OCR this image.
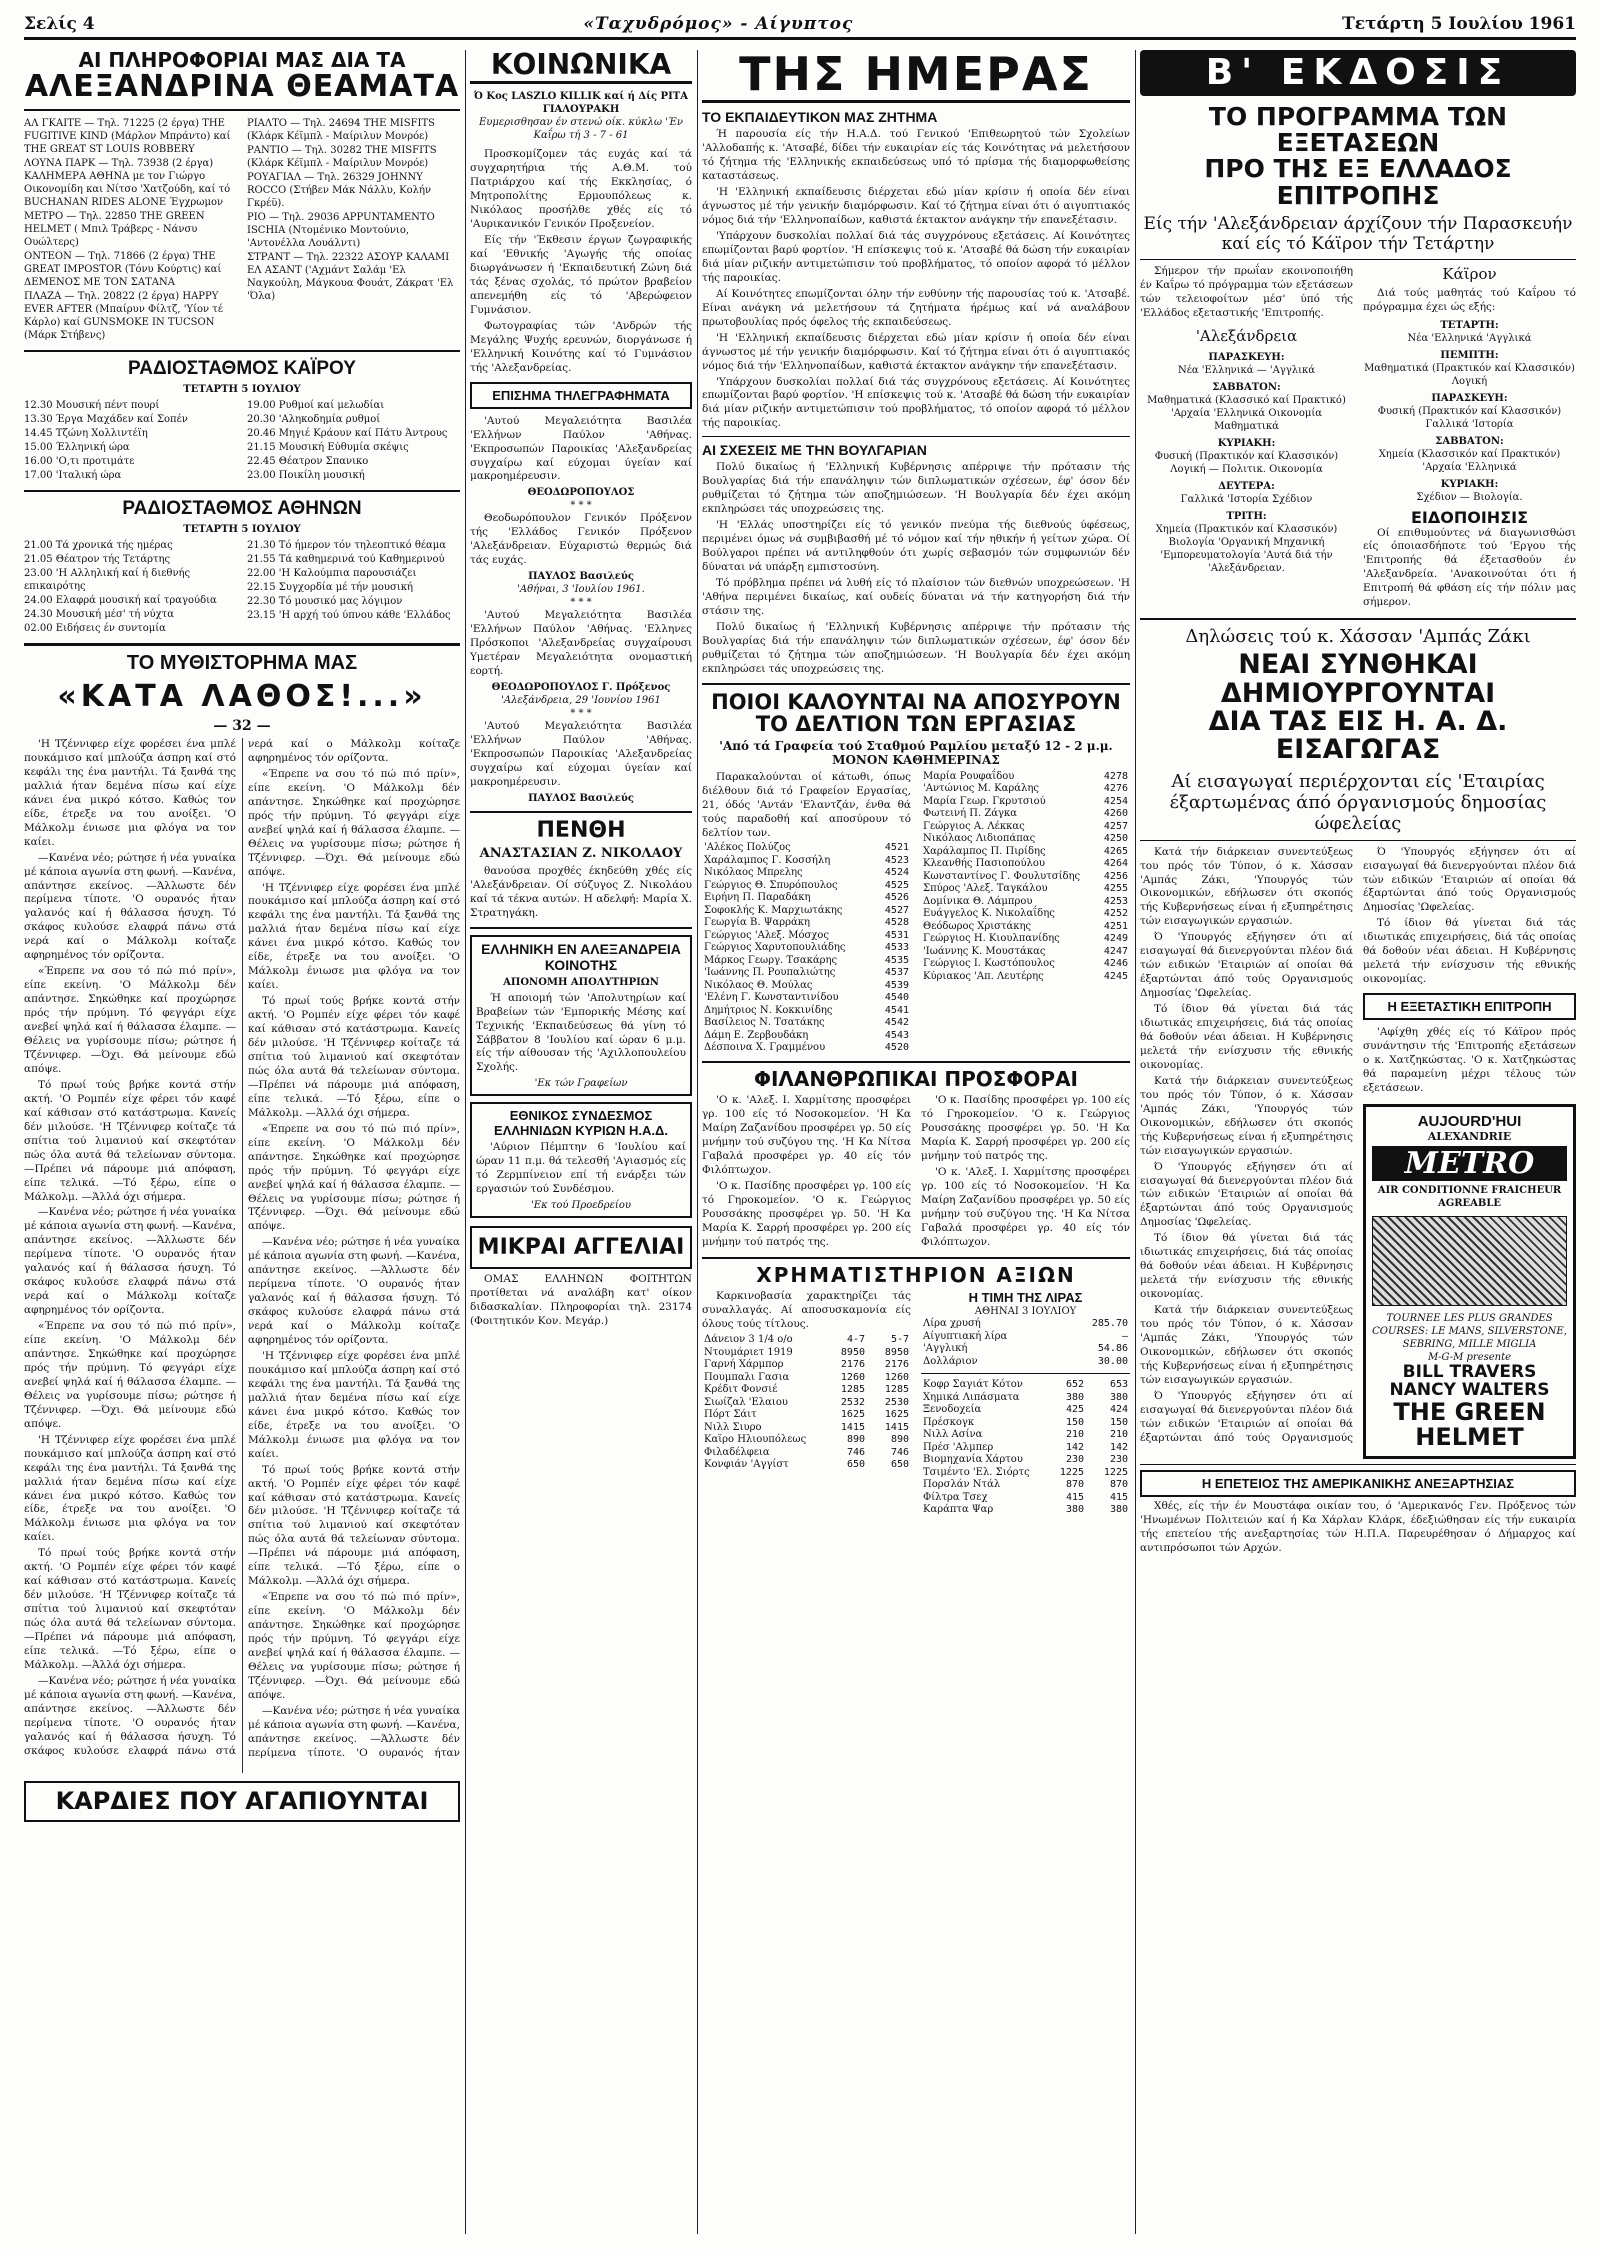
Σελίς 4	«Ταχυδρόμος» - Αίγυπτος	Τετάρτη 5 Ιουλίου 1961
ΑΙ ΠΛΗΡΟΦΟΡΙΑΙ ΜΑΣ ΔΙΑ ΤΑ
ΑΛΕΞΑΝΔΡΙΝΑ ΘΕΑΜΑΤΑ
ΑΛ ΓΚΑΙΤΕ — Τηλ. 71225 (2 έργα) THE FUGITIVE KIND (Μάρλον Μπράντο) καί THE GREAT ST LOUIS ROBBERY
ΛΟΥΝΑ ΠΑΡΚ — Τηλ. 73938 (2 έργα) ΚΑΛΗΜΕΡΑ ΑΘΗΝΑ με τον Γιώργο Οικονομίδη και Νίτσο 'Χατζούδη, καί τό BUCHANAN RIDES ALONE Έγχρωμον
ΜΕΤΡΟ — Τηλ. 22850 THE GREEN HELMET ( Μπιλ Τράβερς - Νάνσυ Ουώλτερς)
ΟΝΤΕΟΝ — Τηλ. 71866 (2 έργα) THE GREAT IMPOSTOR (Τόνυ Κούρτις) καί ΔΕΜΕΝΟΣ ΜΕ ΤΟΝ ΣΑΤΑΝΑ
ΠΛΑΖΑ — Τηλ. 20822 (2 έργα) HAPPY EVER AFTER (Μπαίρυν Φίλτζ, 'Υίον τέ Κάρλο) καί GUNSMOKE IN TUCSON (Μάρκ Στήβενς)
ΡΙΑΛΤΟ — Τηλ. 24694 THE MISFITS (Κλάρκ Κέϊμπλ - Μαίριλυν Μονρόε)
ΡΑΝΤΙΟ — Τηλ. 30282 THE MISFITS (Κλάρκ Κέϊμπλ - Μαίριλυν Μονρόε)
ΡΟΥΑΓΙΑΛ — Τηλ. 26329 JOHNNY ROCCO (Στήβεν Μάκ Νάλλυ, Κολήν Γκρέϋ).
ΡΙΟ — Τηλ. 29036 APPUNTAMENTO ISCHIA (Ντομένικο Μοντούνιο, 'Αντονέλλα Λουάλντι)
ΣΤΡΑΝΤ — Τηλ. 22322 ΑΣΟΥΡ ΚΑΛΑΜΙ ΕΛ ΑΣΑΝΤ ('Αχμάντ Σαλάμ 'Ελ Ναγκούλη, Μάγκουα Φουάτ, Ζάκρατ 'Ελ 'Όλα)
ΡΑΔΙΟΣΤΑΘΜΟΣ ΚΑΪΡΟΥ
ΤΕΤΑΡΤΗ 5 ΙΟΥΛΙΟΥ
12.30 Μουσική πέντ πουρί
13.30 Έργα Μαχάδεν καί Σοπέν
14.45 Τζώνη Χολλιντέϊη
15.00 Έλληνική ώρα
16.00 'Ο,τι προτιμάτε
17.00 'Ιταλική ώρα
19.00 Ρυθμοί καί μελωδίαι
20.30 'Αληκοδημία ρυθμοί
20.46 Μηγιέ Κράουν καί Πάτυ Άντρους
21.15 Μουσική Εύθυμία σκέψις
22.45 Θέατρον Σπανικο
23.00 Ποικίλη μουσική
ΡΑΔΙΟΣΤΑΘΜΟΣ ΑΘΗΝΩΝ
ΤΕΤΑΡΤΗ 5 ΙΟΥΛΙΟΥ
21.00 Τά χρονικά τής ημέρας
21.05 Θέατρον τής Τετάρτης
23.00 'Η Αλληλική καί ή διεθνής επικαιρότης
24.00 Ελαφρά μουσική καί τραγούδια
24.30 Μουσική μέσ' τή νύχτα
02.00 Ειδήσεις έν συντομία
21.30 Τό ήμερον τόν τηλεοπτικό θέαμα
21.55 Τά καθημερινά τού Καθημερινού
22.00 'Η Καλούμπια παρουσιάζει
22.15 Συγχορδία μέ τήν μουσική
22.30 Τό μουσικό μας λόγιμον
23.15 'Η αρχή τού ύπνου κάθε 'Ελλάδος
ΤΟ ΜΥΘΙΣΤΟΡΗΜΑ ΜΑΣ
«ΚΑΤΑ ΛΑΘΟΣ!...»
— 32 —

'Η Τζέννιφερ είχε φορέσει ένα μπλέ πουκάμισο καί μπλούζα άσπρη καί στό κεφάλι της ένα μαντήλι. Τά ξανθά της μαλλιά ήταν δεμένα πίσω καί είχε κάνει ένα μικρό κότσο. Καθώς τον είδε, έτρεξε να του ανοίξει. 'Ο Μάλκολμ ένιωσε μια φλόγα να τον καίει.

—Κανένα νέο; ρώτησε ή νέα γυναίκα μέ κάποια αγωνία στη φωνή. —Κανένα, απάντησε εκείνος. —Άλλωστε δέν περίμενα τίποτε. 'Ο ουρανός ήταν γαλανός καί ή θάλασσα ήσυχη. Τό σκάφος κυλούσε ελαφρά πάνω στά νερά καί ο Μάλκολμ κοίταζε αφηρημένος τόν ορίζοντα.

«Έπρεπε να σου τό πώ πιό πρίν», είπε εκείνη. 'Ο Μάλκολμ δέν απάντησε. Σηκώθηκε καί προχώρησε πρός τήν πρύμνη. Τό φεγγάρι είχε ανεβεί ψηλά καί ή θάλασσα έλαμπε. —Θέλεις να γυρίσουμε πίσω; ρώτησε ή Τζέννιφερ. —Όχι. Θά μείνουμε εδώ απόψε.

Τό πρωί τούς βρήκε κοντά στήν ακτή. 'Ο Ρομπέν είχε φέρει τόν καφέ καί κάθισαν στό κατάστρωμα. Κανείς δέν μιλούσε. 'Η Τζέννιφερ κοίταζε τά σπίτια τού λιμανιού καί σκεφτόταν πώς όλα αυτά θά τελείωναν σύντομα. —Πρέπει νά πάρουμε μιά απόφαση, είπε τελικά. —Τό ξέρω, είπε ο Μάλκολμ. —Άλλά όχι σήμερα.

—Κανένα νέο; ρώτησε ή νέα γυναίκα μέ κάποια αγωνία στη φωνή. —Κανένα, απάντησε εκείνος. —Άλλωστε δέν περίμενα τίποτε. 'Ο ουρανός ήταν γαλανός καί ή θάλασσα ήσυχη. Τό σκάφος κυλούσε ελαφρά πάνω στά νερά καί ο Μάλκολμ κοίταζε αφηρημένος τόν ορίζοντα.

«Έπρεπε να σου τό πώ πιό πρίν», είπε εκείνη. 'Ο Μάλκολμ δέν απάντησε. Σηκώθηκε καί προχώρησε πρός τήν πρύμνη. Τό φεγγάρι είχε ανεβεί ψηλά καί ή θάλασσα έλαμπε. —Θέλεις να γυρίσουμε πίσω; ρώτησε ή Τζέννιφερ. —Όχι. Θά μείνουμε εδώ απόψε.

'Η Τζέννιφερ είχε φορέσει ένα μπλέ πουκάμισο καί μπλούζα άσπρη καί στό κεφάλι της ένα μαντήλι. Τά ξανθά της μαλλιά ήταν δεμένα πίσω καί είχε κάνει ένα μικρό κότσο. Καθώς τον είδε, έτρεξε να του ανοίξει. 'Ο Μάλκολμ ένιωσε μια φλόγα να τον καίει.

Τό πρωί τούς βρήκε κοντά στήν ακτή. 'Ο Ρομπέν είχε φέρει τόν καφέ καί κάθισαν στό κατάστρωμα. Κανείς δέν μιλούσε. 'Η Τζέννιφερ κοίταζε τά σπίτια τού λιμανιού καί σκεφτόταν πώς όλα αυτά θά τελείωναν σύντομα. —Πρέπει νά πάρουμε μιά απόφαση, είπε τελικά. —Τό ξέρω, είπε ο Μάλκολμ. —Άλλά όχι σήμερα.

—Κανένα νέο; ρώτησε ή νέα γυναίκα μέ κάποια αγωνία στη φωνή. —Κανένα, απάντησε εκείνος. —Άλλωστε δέν περίμενα τίποτε. 'Ο ουρανός ήταν γαλανός καί ή θάλασσα ήσυχη. Τό σκάφος κυλούσε ελαφρά πάνω στά νερά καί ο Μάλκολμ κοίταζε αφηρημένος τόν ορίζοντα.

«Έπρεπε να σου τό πώ πιό πρίν», είπε εκείνη. 'Ο Μάλκολμ δέν απάντησε. Σηκώθηκε καί προχώρησε πρός τήν πρύμνη. Τό φεγγάρι είχε ανεβεί ψηλά καί ή θάλασσα έλαμπε. —Θέλεις να γυρίσουμε πίσω; ρώτησε ή Τζέννιφερ. —Όχι. Θά μείνουμε εδώ απόψε.

'Η Τζέννιφερ είχε φορέσει ένα μπλέ πουκάμισο καί μπλούζα άσπρη καί στό κεφάλι της ένα μαντήλι. Τά ξανθά της μαλλιά ήταν δεμένα πίσω καί είχε κάνει ένα μικρό κότσο. Καθώς τον είδε, έτρεξε να του ανοίξει. 'Ο Μάλκολμ ένιωσε μια φλόγα να τον καίει.

Τό πρωί τούς βρήκε κοντά στήν ακτή. 'Ο Ρομπέν είχε φέρει τόν καφέ καί κάθισαν στό κατάστρωμα. Κανείς δέν μιλούσε. 'Η Τζέννιφερ κοίταζε τά σπίτια τού λιμανιού καί σκεφτόταν πώς όλα αυτά θά τελείωναν σύντομα. —Πρέπει νά πάρουμε μιά απόφαση, είπε τελικά. —Τό ξέρω, είπε ο Μάλκολμ. —Άλλά όχι σήμερα.

«Έπρεπε να σου τό πώ πιό πρίν», είπε εκείνη. 'Ο Μάλκολμ δέν απάντησε. Σηκώθηκε καί προχώρησε πρός τήν πρύμνη. Τό φεγγάρι είχε ανεβεί ψηλά καί ή θάλασσα έλαμπε. —Θέλεις να γυρίσουμε πίσω; ρώτησε ή Τζέννιφερ. —Όχι. Θά μείνουμε εδώ απόψε.

—Κανένα νέο; ρώτησε ή νέα γυναίκα μέ κάποια αγωνία στη φωνή. —Κανένα, απάντησε εκείνος. —Άλλωστε δέν περίμενα τίποτε. 'Ο ουρανός ήταν γαλανός καί ή θάλασσα ήσυχη. Τό σκάφος κυλούσε ελαφρά πάνω στά νερά καί ο Μάλκολμ κοίταζε αφηρημένος τόν ορίζοντα.

'Η Τζέννιφερ είχε φορέσει ένα μπλέ πουκάμισο καί μπλούζα άσπρη καί στό κεφάλι της ένα μαντήλι. Τά ξανθά της μαλλιά ήταν δεμένα πίσω καί είχε κάνει ένα μικρό κότσο. Καθώς τον είδε, έτρεξε να του ανοίξει. 'Ο Μάλκολμ ένιωσε μια φλόγα να τον καίει.

Τό πρωί τούς βρήκε κοντά στήν ακτή. 'Ο Ρομπέν είχε φέρει τόν καφέ καί κάθισαν στό κατάστρωμα. Κανείς δέν μιλούσε. 'Η Τζέννιφερ κοίταζε τά σπίτια τού λιμανιού καί σκεφτόταν πώς όλα αυτά θά τελείωναν σύντομα. —Πρέπει νά πάρουμε μιά απόφαση, είπε τελικά. —Τό ξέρω, είπε ο Μάλκολμ. —Άλλά όχι σήμερα.

«Έπρεπε να σου τό πώ πιό πρίν», είπε εκείνη. 'Ο Μάλκολμ δέν απάντησε. Σηκώθηκε καί προχώρησε πρός τήν πρύμνη. Τό φεγγάρι είχε ανεβεί ψηλά καί ή θάλασσα έλαμπε. —Θέλεις να γυρίσουμε πίσω; ρώτησε ή Τζέννιφερ. —Όχι. Θά μείνουμε εδώ απόψε.

—Κανένα νέο; ρώτησε ή νέα γυναίκα μέ κάποια αγωνία στη φωνή. —Κανένα, απάντησε εκείνος. —Άλλωστε δέν περίμενα τίποτε. 'Ο ουρανός ήταν

ΚΑΡΔΙΕΣ ΠΟΥ ΑΓΑΠΙΟΥΝΤΑΙ
ΚΟΙΝΩΝΙΚΑ
Ό Κος LASZLO KILLIK καί ή Δίς ΡΙΤΑ ΓΙΑΛΟΥΡΑΚΗ
Ευμερισθησαν έν στενώ οίκ. κύκλω 'Έν Καΐρω τή 3 - 7 - 61

Προσκομίζομεν τάς ευχάς καί τά συγχαρητήρια τής Α.Θ.Μ. τού Πατριάρχου καί τής Εκκλησίας, ό Μητροπολίτης Ερμουπόλεως κ. Νικόλαος προσήλθε χθές είς τό 'Αυρικανικόν Γενικόν Προξενείον.

Είς τήν 'Έκθεσιν έργων ζωγραφικής καί 'Εθνικής 'Αγωγής τής οποίας διωργάνωσεν ή 'Εκπαιδευτική Ζώνη διά τάς ξένας σχολάς, τό πρώτον βραβείον απενεμήθη είς τό 'Αβερώφειον Γυμνάσιον.

Φωτογραφίας τών 'Ανδρών τής Μεγάλης Ψυχής ερευνών, διοργάνωσε ή 'Ελληνική Κοινότης καί τό Γυμνάσιον τής 'Αλεξανδρείας.

ΕΠΙΣΗΜΑ ΤΗΛΕΓΡΑΦΗΜΑΤΑ

'Αυτού Μεγαλειότητα Βασιλέα 'Ελλήνων Παύλον 'Αθήνας. 'Εκπροσωπών Παροικίας 'Αλεξανδρείας συγχαίρω καί εύχομαι ύγείαν καί μακροημέρευσιν.

ΘΕΟΔΩΡΟΠΟΥΛΟΣ
* * *

Θεοδωρόπουλον Γενικόν Πρόξενον τής 'Ελλάδος Γενικόν Πρόξενον 'Αλεξάνδρειαν. Εύχαριστώ θερμώς διά τάς ευχάς.

ΠΑΥΛΟΣ Βασιλεύς
'Αθήναι, 3 'Ιουλίου 1961.
* * *

'Αυτού Μεγαλειότητα Βασιλέα 'Ελλήνων Παύλον 'Αθήνας. 'Ελληνες Πρόσκοποι 'Αλεξανδρείας συγχαίρουσι Υμετέραν Μεγαλειότητα ονομαστική εορτή.

ΘΕΟΔΩΡΟΠΟΥΛΟΣ Γ. Πρόξενος
'Αλεξάνδρεια, 29 'Ιουνίου 1961
* * *

'Αυτού Μεγαλειότητα Βασιλέα 'Ελλήνων Παύλον 'Αθήνας. 'Εκπροσωπών Παροικίας 'Αλεξανδρείας συγχαίρω καί εύχομαι ύγείαν καί μακροημέρευσιν.

ΠΑΥΛΟΣ Βασιλεύς
ΠΕΝΘΗ
ΑΝΑΣΤΑΣΙΑΝ Ζ. ΝΙΚΟΛΑΟΥ

θανούσα προχθές έκηδεύθη χθές είς 'Αλεξάνδρειαν. Οί σύζυγος Ζ. Νικολάου καί τά τέκνα αυτών. Η αδελφή: Μαρία Χ. Στρατηγάκη.

ΕΛΛΗΝΙΚΗ ΕΝ ΑΛΕΞΑΝΔΡΕΙΑ ΚΟΙΝΟΤΗΣ
ΑΠΟΝΟΜΗ ΑΠΟΛΥΤΗΡΙΩΝ

Ή αποιομή τών 'Απολυτηρίων καί Βραβείων τών 'Εμπορικής Μέσης καί Τεχνικής 'Εκπαιδεύσεως θά γίνη τό Σάββατον 8 'Ιουλίου καί ώραν 6 μ.μ. είς τήν αίθουσαν τής 'Αχιλλοπουλείου Σχολής.

'Εκ τών Γραφείων
ΕΘΝΙΚΟΣ ΣΥΝΔΕΣΜΟΣ ΕΛΛΗΝΙΔΩΝ ΚΥΡΙΩΝ Η.Α.Δ.

'Αύριον Πέμπτην 6 'Ιουλίου καί ώραν 11 π.μ. θά τελεσθή 'Αγιασμός είς τό Ζερμπίνειον επί τή ενάρξει τών εργασιών τού Συνδέσμου.

'Εκ τού Προεδρείου
ΜΙΚΡΑΙ ΑΓΓΕΛΙΑΙ

ΟΜΑΣ ΕΛΛΗΝΩΝ ΦΟΙΤΗΤΩΝ προτίθεται νά αναλάβη κατ' οίκον διδασκαλίαν. Πληροφορίαι τηλ. 23174 (Φοιτητικόν Κον. Μεγάρ.)

ΤΗΣ ΗΜΕΡΑΣ
ΤΟ ΕΚΠΑΙΔΕΥΤΙΚΟΝ ΜΑΣ ΖΗΤΗΜΑ

Ή παρουσία είς τήν Η.Α.Δ. τού Γενικού 'Επιθεωρητού τών Σχολείων 'Αλλοδαπής κ. 'Ατσαβέ, δίδει τήν ευκαιρίαν είς τάς Κοινότητας νά μελετήσουν τό ζήτημα τής 'Ελληνικής εκπαιδεύσεως υπό τό πρίσμα τής διαμορφωθείσης καταστάσεως.

'Η 'Ελληνική εκπαίδευσις διέρχεται εδώ μίαν κρίσιν ή οποία δέν είναι άγνωστος μέ τήν γενικήν διαμόρφωσιν. Καί τό ζήτημα είναι ότι ό αιγυπτιακός νόμος διά τήν 'Ελληνοπαίδων, καθιστά έκτακτον ανάγκην τήν επανεξέτασιν.

'Υπάρχουν δυσκολίαι πολλαί διά τάς συγχρόνους εξετάσεις. Αί Κοινότητες επωμίζονται βαρύ φορτίον. 'Η επίσκεψις τού κ. 'Ατσαβέ θά δώση τήν ευκαιρίαν διά μίαν ριζικήν αντιμετώπισιν τού προβλήματος, τό οποίον αφορά τό μέλλον τής παροικίας.

Αί Κοινότητες επωμίζονται όλην τήν ευθύνην τής παρουσίας τού κ. 'Ατσαβέ. Είναι ανάγκη νά μελετήσουν τά ζητήματα ήρέμως καί νά αναλάβουν πρωτοβουλίας πρός όφελος τής εκπαιδεύσεως.

'Η 'Ελληνική εκπαίδευσις διέρχεται εδώ μίαν κρίσιν ή οποία δέν είναι άγνωστος μέ τήν γενικήν διαμόρφωσιν. Καί τό ζήτημα είναι ότι ό αιγυπτιακός νόμος διά τήν 'Ελληνοπαίδων, καθιστά έκτακτον ανάγκην τήν επανεξέτασιν.

'Υπάρχουν δυσκολίαι πολλαί διά τάς συγχρόνους εξετάσεις. Αί Κοινότητες επωμίζονται βαρύ φορτίον. 'Η επίσκεψις τού κ. 'Ατσαβέ θά δώση τήν ευκαιρίαν διά μίαν ριζικήν αντιμετώπισιν τού προβλήματος, τό οποίον αφορά τό μέλλον τής παροικίας.

ΑΙ ΣΧΕΣΕΙΣ ΜΕ ΤΗΝ ΒΟΥΛΓΑΡΙΑΝ

Πολύ δικαίως ή 'Ελληνική Κυβέρνησις απέρριψε τήν πρότασιν τής Βουλγαρίας διά τήν επανάληψιν τών διπλωματικών σχέσεων, έφ' όσον δέν ρυθμίζεται τό ζήτημα τών αποζημιώσεων. 'Η Βουλγαρία δέν έχει ακόμη εκπληρώσει τάς υποχρεώσεις της.

'Η 'Ελλάς υποστηρίζει είς τό γενικόν πνεύμα τής διεθνούς ύφέσεως, περιμένει όμως νά συμβιβασθή μέ τό νόμον καί τήν ηθικήν ή γείτων χώρα. Οί Βούλγαροι πρέπει νά αντιληφθούν ότι χωρίς σεβασμόν τών συμφωνιών δέν δύναται νά υπάρξη εμπιστοσύνη.

Τό πρόβλημα πρέπει νά λυθή είς τό πλαίσιον τών διεθνών υποχρεώσεων. 'Η 'Αθήνα περιμένει δικαίως, καί ουδείς δύναται νά τήν κατηγορήση διά τήν στάσιν της.

Πολύ δικαίως ή 'Ελληνική Κυβέρνησις απέρριψε τήν πρότασιν τής Βουλγαρίας διά τήν επανάληψιν τών διπλωματικών σχέσεων, έφ' όσον δέν ρυθμίζεται τό ζήτημα τών αποζημιώσεων. 'Η Βουλγαρία δέν έχει ακόμη εκπληρώσει τάς υποχρεώσεις της.

ΠΟΙΟΙ ΚΑΛΟΥΝΤΑΙ ΝΑ ΑΠΟΣΥΡΟΥΝ ΤΟ ΔΕΛΤΙΟΝ ΤΩΝ ΕΡΓΑΣΙΑΣ
'Από τά Γραφεία τού Σταθμού Ραμλίου μεταξύ 12 - 2 μ.μ. ΜΟΝΟΝ ΚΑΘΗΜΕΡΙΝΑΣ

Παρακαλούνται οί κάτωθι, όπως διέλθουν διά τό Γραφείον Εργασίας, 21, όδός 'Αντάν 'Ελαντζάν, ένθα θά τούς παραδοθή καί αποσύρουν τό δελτίον των.

'Αλέκος Πολύζος	4521
Χαράλαμπος Γ. Κοσσήλη	4523
Νικόλαος Μπρελης	4524
Γεώργιος Θ. Σπυρόπουλος	4525
Ειρήνη Π. Παραδάκη	4526
Σοφοκλής Κ. Μαρχιωτάκης	4527
Γεωργία Β. Ψαρράκη	4528
Γεώργιος 'Αλεξ. Μόσχος	4531
Γεώργιος Χαρυτοπουλιάδης	4533
Μάρκος Γεωργ. Τσακάρης	4535
'Ιωάννης Π. Ρουπαλιώτης	4537
Νικόλαος Θ. Μούλας	4539
'Ελένη Γ. Κωνσταντινίδου	4540
Δημήτριος Ν. Κοκκινίδης	4541
Βασίλειος Ν. Τσατάκης	4542
Δάμη Ε. Ζερβουδάκη	4543
Δέσποινα Χ. Γραμμένου	4520
Μαρία Ρουφαΐδου	4278
'Αντώνιος Μ. Καράλης	4276
Μαρία Γεωρ. Γκρυτσιού	4254
Φωτεινή Π. Ζάγκα	4260
Γεώργιος Α. Λέκκας	4257
Νικόλαος Λιδιοπάπας	4250
Χαράλαμπος Π. Πιρίδης	4265
Κλεανθής Πασιοπούλου	4264
Κωνσταντίνος Γ. Φουλυτσίδης	4256
Σπύρος 'Αλεξ. Ταγκάλου	4255
Δομίνικα Θ. Λάμπρου	4253
Ευάγγελος Κ. Νικολαΐδης	4252
Θεόδωρος Χριστάκης	4251
Γεώργιος Η. Κιουλπανίδης	4249
'Ιωάννης Κ. Μουστάκας	4247
Γεώργιος Ι. Κωστόπουλος	4246
Κύριακος 'Απ. Λευτέρης	4245
ΦΙΛΑΝΘΡΩΠΙΚΑΙ ΠΡΟΣΦΟΡΑΙ

'Ο κ. 'Αλεξ. Ι. Χαρμίτσης προσφέρει γρ. 100 είς τό Νοσοκομείον. 'Η Κα Μαίρη Ζαζανίδου προσφέρει γρ. 50 είς μνήμην τού συζύγου της. 'Η Κα Νίτσα Γαβαλά προσφέρει γρ. 40 είς τόν Φιλόπτωχον.

'Ο κ. Πασίδης προσφέρει γρ. 100 είς τό Γηροκομείον. 'Ο κ. Γεώργιος Ρουσσάκης προσφέρει γρ. 50. 'Η Κα Μαρία Κ. Σαρρή προσφέρει γρ. 200 είς μνήμην τού πατρός της.

'Ο κ. Πασίδης προσφέρει γρ. 100 είς τό Γηροκομείον. 'Ο κ. Γεώργιος Ρουσσάκης προσφέρει γρ. 50. 'Η Κα Μαρία Κ. Σαρρή προσφέρει γρ. 200 είς μνήμην τού πατρός της.

'Ο κ. 'Αλεξ. Ι. Χαρμίτσης προσφέρει γρ. 100 είς τό Νοσοκομείον. 'Η Κα Μαίρη Ζαζανίδου προσφέρει γρ. 50 είς μνήμην τού συζύγου της. 'Η Κα Νίτσα Γαβαλά προσφέρει γρ. 40 είς τόν Φιλόπτωχον.

ΧΡΗΜΑΤΙΣΤΗΡΙΟΝ ΑΞΙΩΝ

Καρκινοβασία χαρακτηρίζει τάς συναλλαγάς. Αί αποσυσκαμονία είς όλους τούς τίτλους.

Δάνειον 3 1/4 ο/ο	4-7	5-7
Ντουμάριετ 1919	8950	8950
Γαρνή Χάρμπορ	2176	2176
Πουμπαλι Γασια	1260	1260
Κρέδιτ Φονσιέ	1285	1285
Σιωίζαλ 'Ελαιου	2532	2530
Πόρτ Σάιτ	1625	1625
Νιλλ Σιυρο	1415	1415
Καϊρο Ηλιουπόλεως	890	890
Φιλαδέλφεια	746	746
Κονφιάν 'Αγγίστ	650	650
Η ΤΙΜΗ ΤΗΣ ΛΙΡΑΣ
ΑΘΗΝΑΙ 3 ΙΟΥΛΙΟΥ
Λίρα χρυσή	285.70
Αίγυπτιακή λίρα	—
'Αγγλική	54.86
Δολλάριον	30.00
Κοφρ Σαγιάτ Κότον	652	653
Χημικά Λιπάσματα	380	380
Ξενοδοχεία	425	424
Πρέσκογκ	150	150
Νιλλ Ασίνα	210	210
Πρέσ 'Αλμπερ	142	142
Βιομηχανία Χάρτου	230	230
Τσιμέντο 'Ελ. Σιόρτς	1225	1225
Πορσλάν Ντάλ	870	870
Φίλτρα Τσεχ	415	415
Καράπτα Ψαρ	380	380
Β' ΕΚΔΟΣΙΣ
ΤΟ ΠΡΟΓΡΑΜΜΑ ΤΩΝ ΕΞΕΤΑΣΕΩΝ
ΠΡΟ ΤΗΣ ΕΞ ΕΛΛΑΔΟΣ ΕΠΙΤΡΟΠΗΣ
Είς τήν 'Αλεξάνδρειαν άρχίζουν τήν Παρασκευήν καί είς τό Κάϊρον τήν Τετάρτην

Σήμερον τήν πρωΐαν εκοινοποιήθη έν Καΐρω τό πρόγραμμα τών εξετάσεων τών τελειοφοίτων μέσ' ύπό τής 'Ελλάδος εξεταστικής 'Επιτροπής.

'Αλεξάνδρεια
ΠΑΡΑΣΚΕΥΗ:
Νέα 'Ελληνικά — 'Αγγλικά
ΣΑΒΒΑΤΟΝ:
Μαθηματικά (Κλασσικό καί Πρακτικό) 'Αρχαία 'Ελληνικά Οικονομία Μαθηματικά
ΚΥΡΙΑΚΗ:
Φυσική (Πρακτικόν καί Κλασσικόν) Λογική — Πολιτικ. Οικονομία
ΔΕΥΤΕΡΑ:
Γαλλικά 'Ιστορία Σχέδιον
ΤΡΙΤΗ:
Χημεία (Πρακτικόν καί Κλασσικόν) Βιολογία 'Οργανική Μηχανική 'Εμπορευματολογία 'Αυτά διά τήν 'Αλεξάνδρειαν.
Κάϊρον

Διά τούς μαθητάς τού Καΐρου τό πρόγραμμα έχει ώς εξής:

ΤΕΤΑΡΤΗ:
Νέα 'Ελληνικά 'Αγγλικά
ΠΕΜΠΤΗ:
Μαθηματικά (Πρακτικόν καί Κλασσικόν) Λογική
ΠΑΡΑΣΚΕΥΗ:
Φυσική (Πρακτικόν καί Κλασσικόν) Γαλλικά 'Ιστορία
ΣΑΒΒΑΤΟΝ:
Χημεία (Κλασσικόν καί Πρακτικόν) 'Αρχαία 'Ελληνικά
ΚΥΡΙΑΚΗ:
Σχέδιον — Βιολογία.
ΕΙΔΟΠΟΙΗΣΙΣ

Οί επιθυμούντες νά διαγωνισθώσι είς όποιασδήποτε τού 'Εργου τής 'Επιτροπής θά έξετασθούν έν 'Αλεξανδρεία. 'Ανακοινούται ότι ή Επιτροπή θά φθάση είς τήν πόλιν μας σήμερον.

Δηλώσεις τού κ. Χάσσαν 'Αμπάς Ζάκι
ΝΕΑΙ ΣΥΝΘΗΚΑΙ ΔΗΜΙΟΥΡΓΟΥΝΤΑΙ
ΔΙΑ ΤΑΣ ΕΙΣ Η. Α. Δ. ΕΙΣΑΓΩΓΑΣ
Αί εισαγωγαί περιέρχονται είς 'Εταιρίας έξαρτωμένας άπό όργανισμούς δημοσίας ώφελείας

Κατά τήν διάρκειαν συνεντεύξεως του πρός τόν Τύπον, ό κ. Χάσσαν 'Αμπάς Ζάκι, 'Υπουργός τών Οικονομικών, εδήλωσεν ότι σκοπός τής Κυβερνήσεως είναι ή εξυπηρέτησις τών εισαγωγικών εργασιών.

Ό 'Υπουργός εξήγησεν ότι αί εισαγωγαί θά διενεργούνται πλέον διά τών ειδικών 'Εταιριών αί οποίαι θά έξαρτώνται άπό τούς Οργανισμούς Δημοσίας 'Ωφελείας.

Τό ίδιον θά γίνεται διά τάς ιδιωτικάς επιχειρήσεις, διά τάς οποίας θά δοθούν νέαι άδειαι. Η Κυβέρνησις μελετά τήν ενίσχυσιν τής εθνικής οικονομίας.

Κατά τήν διάρκειαν συνεντεύξεως του πρός τόν Τύπον, ό κ. Χάσσαν 'Αμπάς Ζάκι, 'Υπουργός τών Οικονομικών, εδήλωσεν ότι σκοπός τής Κυβερνήσεως είναι ή εξυπηρέτησις τών εισαγωγικών εργασιών.

Ό 'Υπουργός εξήγησεν ότι αί εισαγωγαί θά διενεργούνται πλέον διά τών ειδικών 'Εταιριών αί οποίαι θά έξαρτώνται άπό τούς Οργανισμούς Δημοσίας 'Ωφελείας.

Τό ίδιον θά γίνεται διά τάς ιδιωτικάς επιχειρήσεις, διά τάς οποίας θά δοθούν νέαι άδειαι. Η Κυβέρνησις μελετά τήν ενίσχυσιν τής εθνικής οικονομίας.

Κατά τήν διάρκειαν συνεντεύξεως του πρός τόν Τύπον, ό κ. Χάσσαν 'Αμπάς Ζάκι, 'Υπουργός τών Οικονομικών, εδήλωσεν ότι σκοπός τής Κυβερνήσεως είναι ή εξυπηρέτησις τών εισαγωγικών εργασιών.

Ό 'Υπουργός εξήγησεν ότι αί εισαγωγαί θά διενεργούνται πλέον διά τών ειδικών 'Εταιριών αί οποίαι θά έξαρτώνται άπό τούς Οργανισμούς

Ό 'Υπουργός εξήγησεν ότι αί εισαγωγαί θά διενεργούνται πλέον διά τών ειδικών 'Εταιριών αί οποίαι θά έξαρτώνται άπό τούς Οργανισμούς Δημοσίας 'Ωφελείας.

Τό ίδιον θά γίνεται διά τάς ιδιωτικάς επιχειρήσεις, διά τάς οποίας θά δοθούν νέαι άδειαι. Η Κυβέρνησις μελετά τήν ενίσχυσιν τής εθνικής οικονομίας.

Η ΕΞΕΤΑΣΤΙΚΗ ΕΠΙΤΡΟΠΗ

'Αφίχθη χθές είς τό Κάϊρον πρός συνάντησιν τής 'Επιτροπής εξετάσεων ο κ. Χατζηκώστας. 'Ο κ. Χατζηκώστας θά παραμείνη μέχρι τέλους τών εξετάσεων.

AUJOURD'HUI
ALEXANDRIE
METRO
AIR CONDITIONNE FRAICHEUR AGREABLE
TOURNEE LES PLUS GRANDES COURSES: LE MANS, SILVERSTONE, SEBRING, MILLE MIGLIA
M-G-M presente
BILL TRAVERS
NANCY WALTERS
THE GREEN HELMET
Η ΕΠΕΤΕΙΟΣ ΤΗΣ ΑΜΕΡΙΚΑΝΙΚΗΣ ΑΝΕΞΑΡΤΗΣΙΑΣ

Χθές, είς τήν έν Μουστάφα οικίαν του, ό 'Αμερικανός Γεν. Πρόξενος τών 'Ηνωμένων Πολιτειών καί ή Κα Χάρλαν Κλάρκ, έδεξιώθησαν είς τήν ευκαιρία τής επετείου τής ανεξαρτησίας τών Η.Π.Α. Παρευρέθησαν ό Δήμαρχος καί αντιπρόσωποι τών Αρχών.
